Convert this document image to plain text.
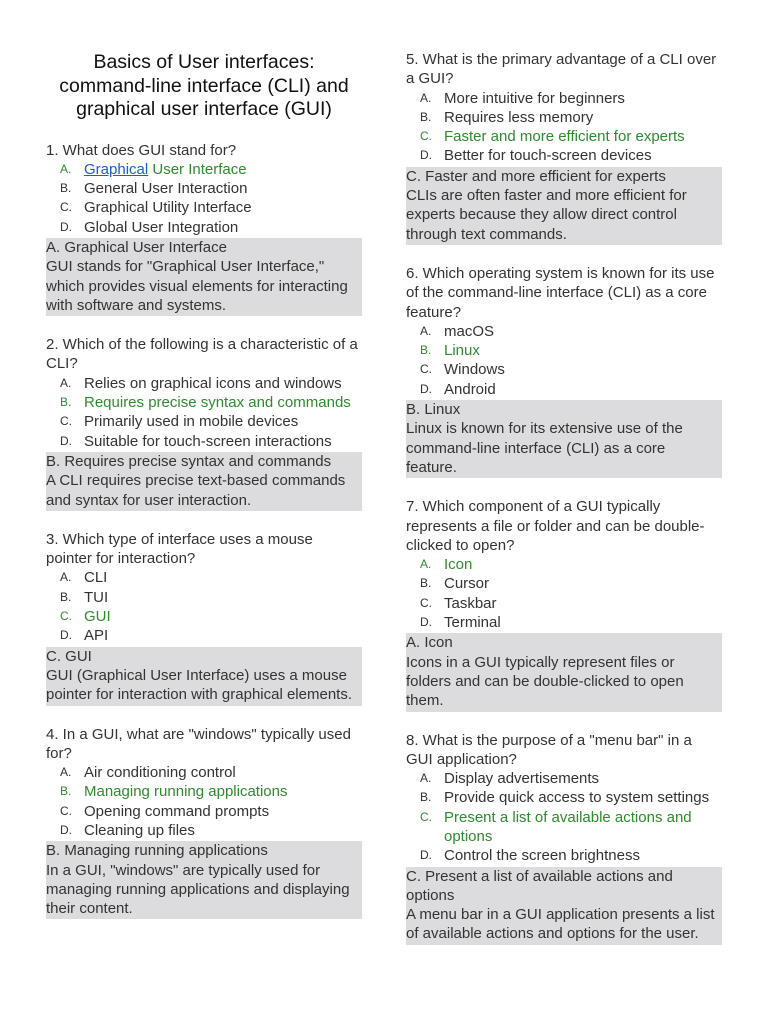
Basics of User interfaces: command-line interface (CLI) and graphical user interface (GUI)

1. What does GUI stand for?

A. Graphical User Interface

B. General User Interaction

C. Graphical Utility Interface

D. Global User Integration

A. Graphical User Interface
GUI stands for "Graphical User Interface," which provides visual elements for interacting with software and systems.

2. Which of the following is a characteristic of a CLI?

A. Relies on graphical icons and windows

B. Requires precise syntax and commands

C. Primarily used in mobile devices

D. Suitable for touch-screen interactions

B. Requires precise syntax and commands
A CLI requires precise text-based commands and syntax for user interaction.

3. Which type of interface uses a mouse pointer for interaction?

A. CLI

B. TUI

C. GUI

D. API

C. GUI
GUI (Graphical User Interface) uses a mouse pointer for interaction with graphical elements.

4. In a GUI, what are "windows" typically used for?

A. Air conditioning control

B. Managing running applications

C. Opening command prompts

D. Cleaning up files

B. Managing running applications
In a GUI, "windows" are typically used for managing running applications and displaying their content.

5. What is the primary advantage of a CLI over a GUI?

A. More intuitive for beginners

B. Requires less memory

C. Faster and more efficient for experts

D. Better for touch-screen devices

C. Faster and more efficient for experts
CLIs are often faster and more efficient for experts because they allow direct control through text commands.

6. Which operating system is known for its use of the command-line interface (CLI) as a core feature?

A. macOS

B. Linux

C. Windows

D. Android

B. Linux
Linux is known for its extensive use of the command-line interface (CLI) as a core feature.

7. Which component of a GUI typically represents a file or folder and can be double-clicked to open?

A. Icon

B. Cursor

C. Taskbar

D. Terminal

A. Icon
Icons in a GUI typically represent files or folders and can be double-clicked to open them.

8. What is the purpose of a "menu bar" in a GUI application?

A. Display advertisements

B. Provide quick access to system settings

C. Present a list of available actions and options

D. Control the screen brightness

C. Present a list of available actions and options
A menu bar in a GUI application presents a list of available actions and options for the user.
